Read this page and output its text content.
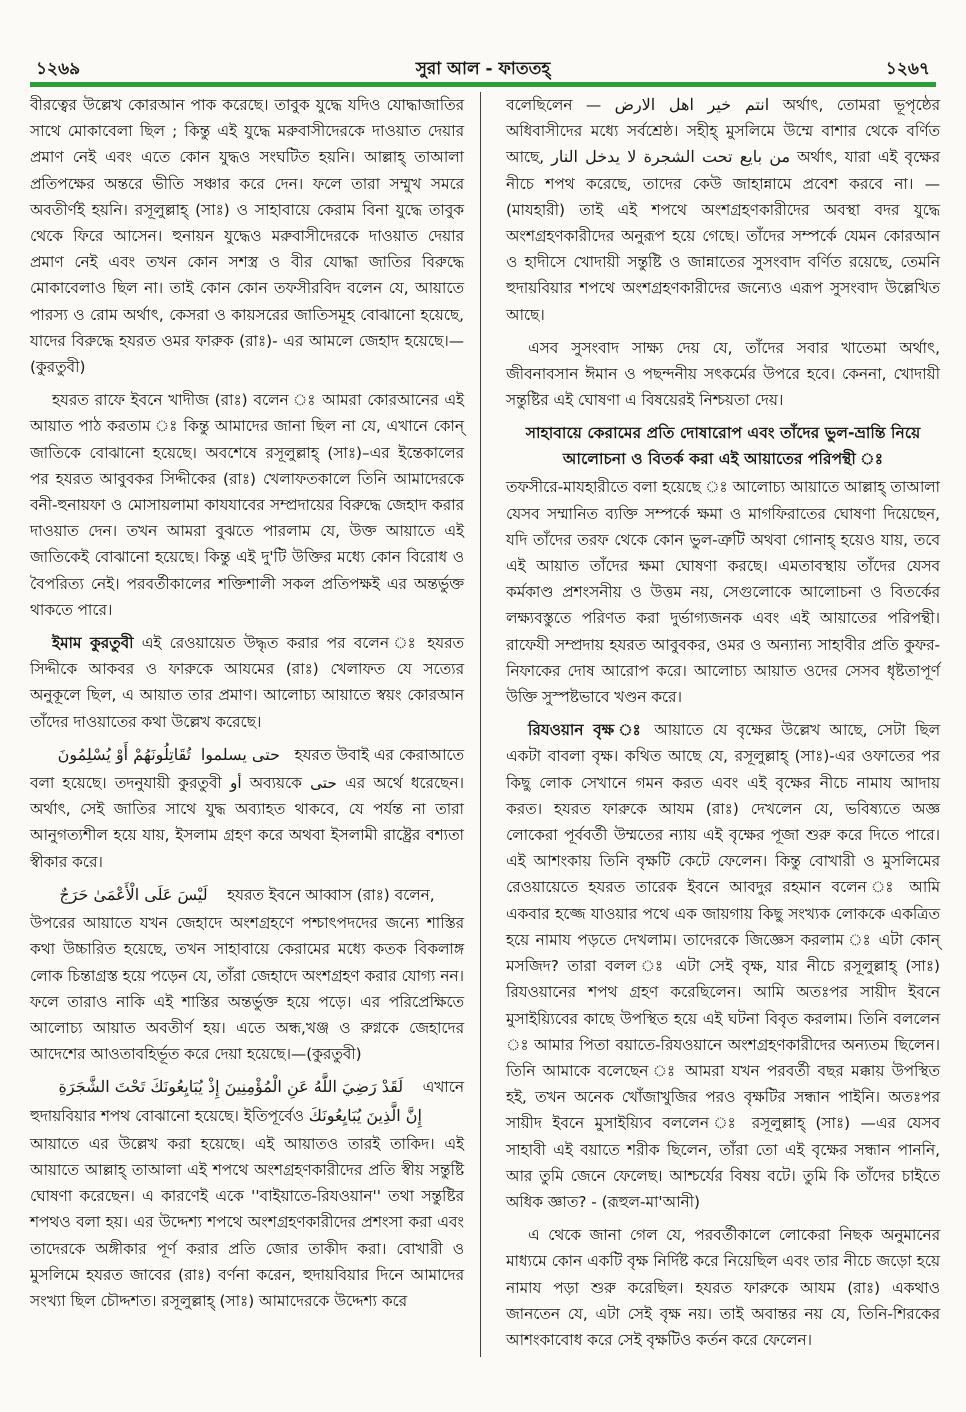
১২৬৯	সুরা আল - ফাততহ্	১২৬৭

বীরত্বের উল্লেখ কোরআন পাক করেছে। তাবুক যুদ্ধে যদিও যোদ্ধাজাতির সাথে মোকাবেলা ছিল ; কিন্তু এই যুদ্ধে মরুবাসীদেরকে দাওয়াত দেয়ার প্রমাণ নেই এবং এতে কোন যুদ্ধও সংঘটিত হয়নি। আল্লাহ্ তাআলা প্রতিপক্ষের অন্তরে ভীতি সঞ্চার করে দেন। ফলে তারা সম্মুখ সমরে অবতীর্ণই হয়নি। রসূলুল্লাহ্ (সাঃ) ও সাহাবায়ে কেরাম বিনা যুদ্ধে তাবুক থেকে ফিরে আসেন। হুনায়ন যুদ্ধেও মরুবাসীদেরকে দাওয়াত দেয়ার প্রমাণ নেই এবং তখন কোন সশস্ত্র ও বীর যোদ্ধা জাতির বিরুদ্ধে মোকাবেলাও ছিল না। তাই কোন কোন তফসীরবিদ বলেন যে, আয়াতে পারস্য ও রোম অর্থাৎ, কেসরা ও কায়সরের জাতিসমূহ বোঝানো হয়েছে, যাদের বিরুদ্ধে হযরত ওমর ফারুক (রাঃ)- এর আমলে জেহাদ হয়েছে।— (কুরতুবী)

হযরত রাফে ইবনে খাদীজ (রাঃ) বলেন ঃ আমরা কোরআনের এই আয়াত পাঠ করতাম ঃ কিন্তু আমাদের জানা ছিল না যে, এখানে কোন্ জাতিকে বোঝানো হয়েছে। অবশেষে রসূলুল্লাহ্ (সাঃ)–এর ইন্তেকালের পর হযরত আবুবকর সিদ্দীকের (রাঃ) খেলাফতকালে তিনি আমাদেরকে বনী-হুনায়ফা ও মোসায়লামা কাযযাবের সম্প্রদায়ের বিরুদ্ধে জেহাদ করার দাওয়াত দেন। তখন আমরা বুঝতে পারলাম যে, উক্ত আয়াতে এই জাতিকেই বোঝানো হয়েছে। কিন্তু এই দু'টি উক্তির মধ্যে কোন বিরোধ ও বৈপরিত্য নেই। পরবর্তীকালের শক্তিশালী সকল প্রতিপক্ষই এর অন্তর্ভুক্ত থাকতে পারে।

ইমাম কুরতুবী এই রেওয়ায়েত উদ্ধৃত করার পর বলেন ঃ হযরত সিদ্দীকে আকবর ও ফারুকে আযমের (রাঃ) খেলাফত যে সত্যের অনুকূলে ছিল, এ আয়াত তার প্রমাণ। আলোচ্য আয়াতে স্বয়ং কোরআন তাঁদের দাওয়াতের কথা উল্লেখ করেছে।

حتى يسلموا  تُقَاتِلُونَهُمْ أَوْ يُسْلِمُونَ	হযরত উবাই এর কেরাআতে

বলা হয়েছে। তদনুযায়ী কুরতুবী أو অব্যয়কে حتى এর অর্থে ধরেছেন। অর্থাৎ, সেই জাতির সাথে যুদ্ধ অব্যাহত থাকবে, যে পর্যন্ত না তারা আনুগত্যশীল হয়ে যায়, ইসলাম গ্রহণ করে অথবা ইসলামী রাষ্ট্রের বশ্যতা স্বীকার করে।

لَيْسَ عَلَى الْأَعْمَىٰ حَرَجٌ হযরত ইবনে আব্বাস (রাঃ) বলেন,

উপরের আয়াতে যখন জেহাদে অংশগ্রহণে পশ্চাৎপদদের জন্যে শাস্তির কথা উচ্চারিত হয়েছে, তখন সাহাবায়ে কেরামের মধ্যে কতক বিকলাঙ্গ লোক চিন্তাগ্রস্ত হয়ে পড়েন যে, তাঁরা জেহাদে অংশগ্রহণ করার যোগ্য নন। ফলে তারাও নাকি এই শাস্তির অন্তর্ভুক্ত হয়ে পড়ে। এর পরিপ্রেক্ষিতে আলোচ্য আয়াত অবতীর্ণ হয়। এতে অন্ধ,খঞ্জ ও রুগ্নকে জেহাদের আদেশের আওতাবহির্ভূত করে দেয়া হয়েছে।—(কুরতুবী)

لَقَدْ رَضِيَ اللَّهُ عَنِ الْمُؤْمِنِينَ إِذْ يُبَايِعُونَكَ تَحْتَ الشَّجَرَةِ এখানে
হুদায়বিয়ার শপথ বোঝানো হয়েছে। ইতিপূর্বেও إِنَّ الَّذِينَ يُبَايِعُونَكَ

আয়াতে এর উল্লেখ করা হয়েছে। এই আয়াতও তারই তাকিদ। এই আয়াতে আল্লাহ্ তাআলা এই শপথে অংশগ্রহণকারীদের প্রতি স্বীয় সন্তুষ্টি ঘোষণা করেছেন। এ কারণেই একে ''বাইয়াতে-রিযওয়ান'' তথা সন্তুষ্টির শপথও বলা হয়। এর উদ্দেশ্য শপথে অংশগ্রহণকারীদের প্রশংসা করা এবং তাদেরকে অঙ্গীকার পূর্ণ করার প্রতি জোর তাকীদ করা। বোখারী ও মুসলিমে হযরত জাবের (রাঃ) বর্ণনা করেন, হুদায়বিয়ার দিনে আমাদের সংখ্যা ছিল চৌদ্দশত। রসূলুল্লাহ্ (সাঃ) আমাদেরকে উদ্দেশ্য করে

বলেছিলেন — انتم خير اهل الارض অর্থাৎ, তোমরা ভূপৃষ্ঠের অধিবাসীদের মধ্যে সর্বশ্রেষ্ঠ। সহীহ্ মুসলিমে উম্মে বাশার থেকে বর্ণিত আছে, من بايع تحت الشجرة لا يدخل النار অর্থাৎ, যারা এই বৃক্ষের নীচে শপথ করেছে, তাদের কেউ জাহান্নামে প্রবেশ করবে না। — (মাযহারী) তাই এই শপথে অংশগ্রহণকারীদের অবস্থা বদর যুদ্ধে অংশগ্রহণকারীদের অনুরূপ হয়ে গেছে। তাঁদের সম্পর্কে যেমন কোরআন ও হাদীসে খোদায়ী সন্তুষ্টি ও জান্নাতের সুসংবাদ বর্ণিত রয়েছে, তেমনি হুদায়বিয়ার শপথে অংশগ্রহণকারীদের জন্যেও এরূপ সুসংবাদ উল্লেখিত আছে।

এসব সুসংবাদ সাক্ষ্য দেয় যে, তাঁদের সবার খাতেমা অর্থাৎ, জীবনাবসান ঈমান ও পছন্দনীয় সৎকর্মের উপরে হবে। কেননা, খোদায়ী সন্তুষ্টির এই ঘোষণা এ বিষয়েরই নিশ্চয়তা দেয়।

সাহাবায়ে কেরামের প্রতি দোষারোপ এবং তাঁদের ভুল-ভ্রান্তি নিয়ে আলোচনা ও বিতর্ক করা এই আয়াতের পরিপন্থী ঃ

তফসীরে-মাযহারীতে বলা হয়েছে ঃ আলোচ্য আয়াতে আল্লাহ্ তাআলা যেসব সম্মানিত ব্যক্তি সম্পর্কে ক্ষমা ও মাগফিরাতের ঘোষণা দিয়েছেন, যদি তাঁদের তরফ থেকে কোন ভুল-ত্রুটি অথবা গোনাহ্ হয়েও যায়, তবে এই আয়াত তাঁদের ক্ষমা ঘোষণা করছে। এমতাবস্থায় তাঁদের যেসব কর্মকাণ্ড প্রশংসনীয় ও উত্তম নয়, সেগুলোকে আলোচনা ও বিতর্কের লক্ষ্যবস্তুতে পরিণত করা দুর্ভাগ্যজনক এবং এই আয়াতের পরিপন্থী। রাফেযী সম্প্রদায় হযরত আবুবকর, ওমর ও অন্যান্য সাহাবীর প্রতি কুফর-নিফাকের দোষ আরোপ করে। আলোচ্য আয়াত ওদের সেসব ধৃষ্টতাপূর্ণ উক্তি সুস্পষ্টভাবে খণ্ডন করে।

রিযওয়ান বৃক্ষ ঃ আয়াতে যে বৃক্ষের উল্লেখ আছে, সেটা ছিল একটা বাবলা বৃক্ষ। কথিত আছে যে, রসূলুল্লাহ্ (সাঃ)-এর ওফাতের পর কিছু লোক সেখানে গমন করত এবং এই বৃক্ষের নীচে নামায আদায় করত। হযরত ফারুকে আযম (রাঃ) দেখলেন যে, ভবিষ্যতে অজ্ঞ লোকেরা পূর্ববর্তী উম্মতের ন্যায় এই বৃক্ষের পূজা শুরু করে দিতে পারে। এই আশংকায় তিনি বৃক্ষটি কেটে ফেলেন। কিন্তু বোখারী ও মুসলিমের রেওয়ায়েতে হযরত তারেক ইবনে আবদুর রহমান বলেন ঃ আমি একবার হজ্জে যাওয়ার পথে এক জায়গায় কিছু সংখ্যক লোককে একত্রিত হয়ে নামায পড়তে দেখলাম। তাদেরকে জিজ্ঞেস করলাম ঃ এটা কোন্ মসজিদ? তারা বলল ঃ এটা সেই বৃক্ষ, যার নীচে রসূলুল্লাহ্ (সাঃ) রিযওয়ানের শপথ গ্রহণ করেছিলেন। আমি অতঃপর সায়ীদ ইবনে মুসাইয়্যিবের কাছে উপস্থিত হয়ে এই ঘটনা বিবৃত করলাম। তিনি বললেন ঃ আমার পিতা বয়াতে-রিযওয়ানে অংশগ্রহণকারীদের অন্যতম ছিলেন। তিনি আমাকে বলেছেন ঃ আমরা যখন পরবর্তী বছর মক্কায় উপস্থিত হই, তখন অনেক খোঁজাখুজির পরও বৃক্ষটির সন্ধান পাইনি। অতঃপর সায়ীদ ইবনে মুসাইয়্যিব বললেন ঃ রসূলুল্লাহ্ (সাঃ) —এর যেসব সাহাবী এই বয়াতে শরীক ছিলেন, তাঁরা তো এই বৃক্ষের সন্ধান পাননি, আর তুমি জেনে ফেলেছ। আশ্চর্যের বিষয় বটে। তুমি কি তাঁদের চাইতে অধিক জ্ঞাত? - (রূহুল-মা'আনী)

এ থেকে জানা গেল যে, পরবর্তীকালে লোকেরা নিছক অনুমানের মাধ্যমে কোন একটি বৃক্ষ নির্দিষ্ট করে নিয়েছিল এবং তার নীচে জড়ো হয়ে নামায পড়া শুরু করেছিল। হযরত ফারুকে আযম (রাঃ) একথাও জানতেন যে, এটা সেই বৃক্ষ নয়। তাই অবান্তর নয় যে, তিনি-শিরকের আশংকাবোধ করে সেই বৃক্ষটিও কর্তন করে ফেলেন।
